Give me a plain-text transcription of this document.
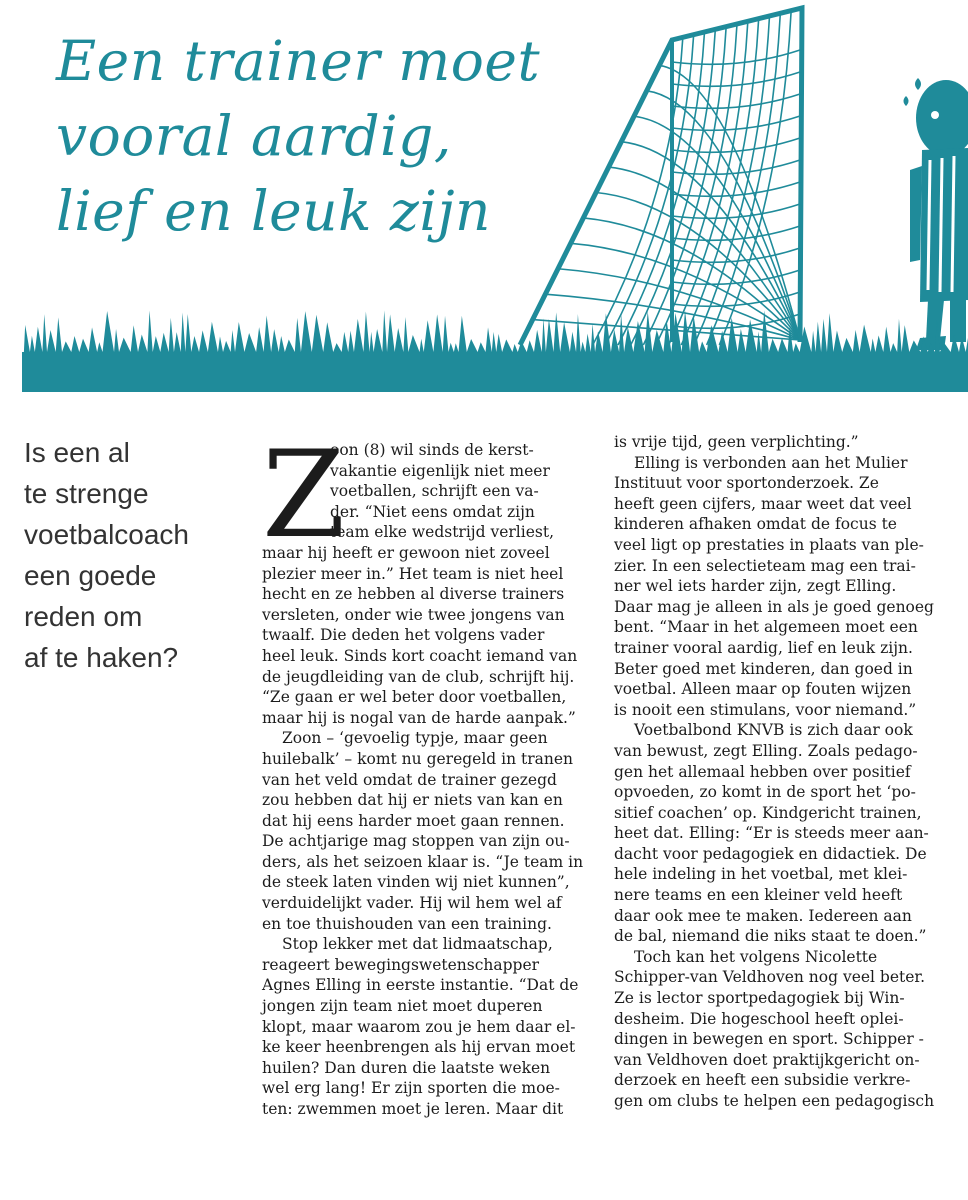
Een trainer moet
vooral aardig,
lief en leuk zijn
Is een al
te strenge
voetbalcoach
een goede
reden om
af te haken?
Z
oon (8) wil sinds de kerst-
vakantie eigenlijk niet meer
voetballen, schrijft een va-
der. “Niet eens omdat zijn
team elke wedstrijd verliest,
maar hij heeft er gewoon niet zoveel
plezier meer in.” Het team is niet heel
hecht en ze hebben al diverse trainers
versleten, onder wie twee jongens van
twaalf. Die deden het volgens vader
heel leuk. Sinds kort coacht iemand van
de jeugdleiding van de club, schrijft hij.
“Ze gaan er wel beter door voetballen,
maar hij is nogal van de harde aanpak.”
Zoon – ‘gevoelig typje, maar geen
huilebalk’ – komt nu geregeld in tranen
van het veld omdat de trainer gezegd
zou hebben dat hij er niets van kan en
dat hij eens harder moet gaan rennen.
De achtjarige mag stoppen van zijn ou-
ders, als het seizoen klaar is. “Je team in
de steek laten vinden wij niet kunnen”,
verduidelijkt vader. Hij wil hem wel af
en toe thuishouden van een training.
Stop lekker met dat lidmaatschap,
reageert bewegingswetenschapper
Agnes Elling in eerste instantie. “Dat de
jongen zijn team niet moet duperen
klopt, maar waarom zou je hem daar el-
ke keer heenbrengen als hij ervan moet
huilen? Dan duren die laatste weken
wel erg lang! Er zijn sporten die moe-
ten: zwemmen moet je leren. Maar dit
is vrije tijd, geen verplichting.”
Elling is verbonden aan het Mulier
Instituut voor sportonderzoek. Ze
heeft geen cijfers, maar weet dat veel
kinderen afhaken omdat de focus te
veel ligt op prestaties in plaats van ple-
zier. In een selectieteam mag een trai-
ner wel iets harder zijn, zegt Elling.
Daar mag je alleen in als je goed genoeg
bent. “Maar in het algemeen moet een
trainer vooral aardig, lief en leuk zijn.
Beter goed met kinderen, dan goed in
voetbal. Alleen maar op fouten wijzen
is nooit een stimulans, voor niemand.”
Voetbalbond KNVB is zich daar ook
van bewust, zegt Elling. Zoals pedago-
gen het allemaal hebben over positief
opvoeden, zo komt in de sport het ‘po-
sitief coachen’ op. Kindgericht trainen,
heet dat. Elling: “Er is steeds meer aan-
dacht voor pedagogiek en didactiek. De
hele indeling in het voetbal, met klei-
nere teams en een kleiner veld heeft
daar ook mee te maken. Iedereen aan
de bal, niemand die niks staat te doen.”
Toch kan het volgens Nicolette
Schipper-van Veldhoven nog veel beter.
Ze is lector sportpedagogiek bij Win-
desheim. Die hogeschool heeft oplei-
dingen in bewegen en sport. Schipper -
van Veldhoven doet praktijkgericht on-
derzoek en heeft een subsidie verkre-
gen om clubs te helpen een pedagogisch
